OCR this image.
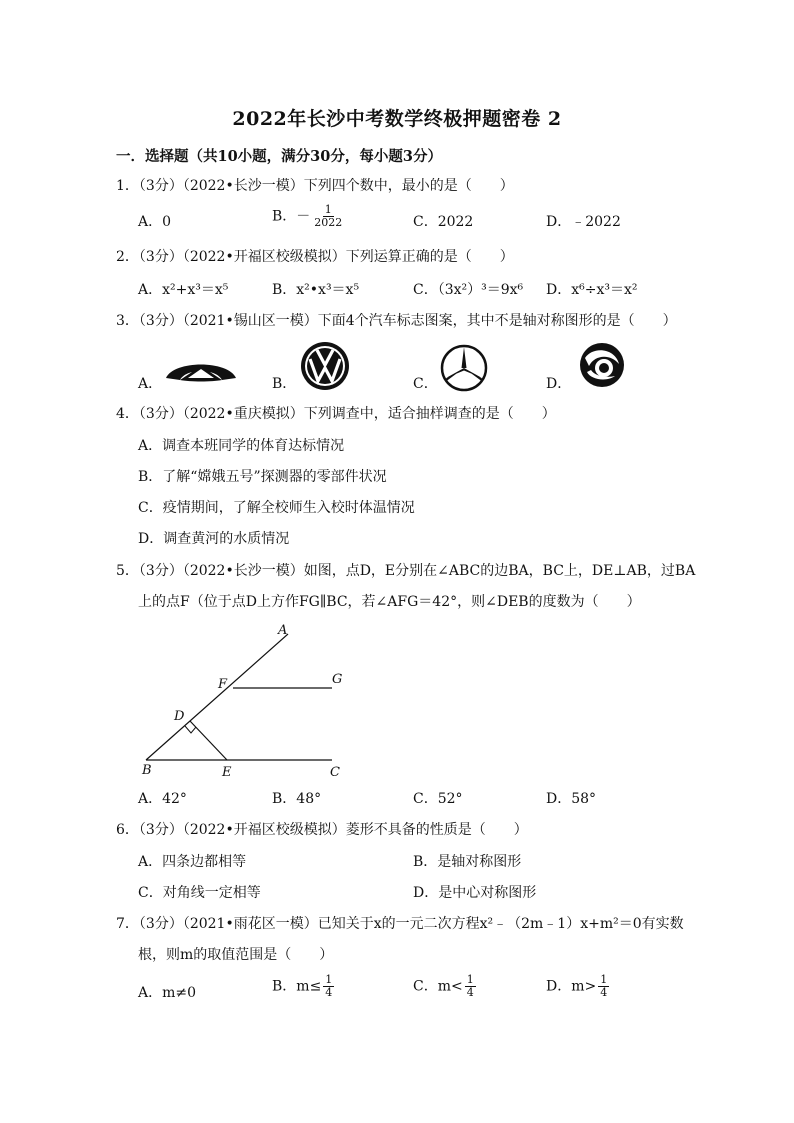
2022年长沙中考数学终极押题密卷 2
一．选择题（共10小题，满分30分，每小题3分）
1．（3分）（2022•长沙一模）下列四个数中，最小的是（　　）
A．0	B．－ $\frac{1}{2022}$	C．2022	D．﹣2022
2．（3分）（2022•开福区校级模拟）下列运算正确的是（　　）
A．x²+x³＝x⁵	B．x²•x³＝x⁵	C．（3x²）³＝9x⁶ D．x⁶÷x³＝x²
3．（3分）（2021•锡山区一模）下面4个汽车标志图案，其中不是轴对称图形的是（　　）
A．	B．	C．	D．
4．（3分）（2022•重庆模拟）下列调查中，适合抽样调查的是（　　）
A．调查本班同学的体育达标情况
B．了解“嫦娥五号”探测器的零部件状况
C．疫情期间，了解全校师生入校时体温情况
D．调查黄河的水质情况
5．（3分）（2022•长沙一模）如图，点D，E分别在∠ABC的边BA，BC上，DE⊥AB，过BA
上的点F（位于点D上方作FG∥BC，若∠AFG＝42°，则∠DEB的度数为（　　）
A
F	G
D
B	E	C
A．42°	B．48°	C．52°	D．58°
6．（3分）（2022•开福区校级模拟）菱形不具备的性质是（　　）
A．四条边都相等	B．是轴对称图形
C．对角线一定相等	D．是中心对称图形
7．（3分）（2021•雨花区一模）已知关于x的一元二次方程x²﹣（2m﹣1）x+m²＝0有实数
根，则m的取值范围是（　　）
A．m≠0	B．$m\le \frac{1}{4}$	C．$m< \frac{1}{4}$	D．$m> \frac{1}{4}$
